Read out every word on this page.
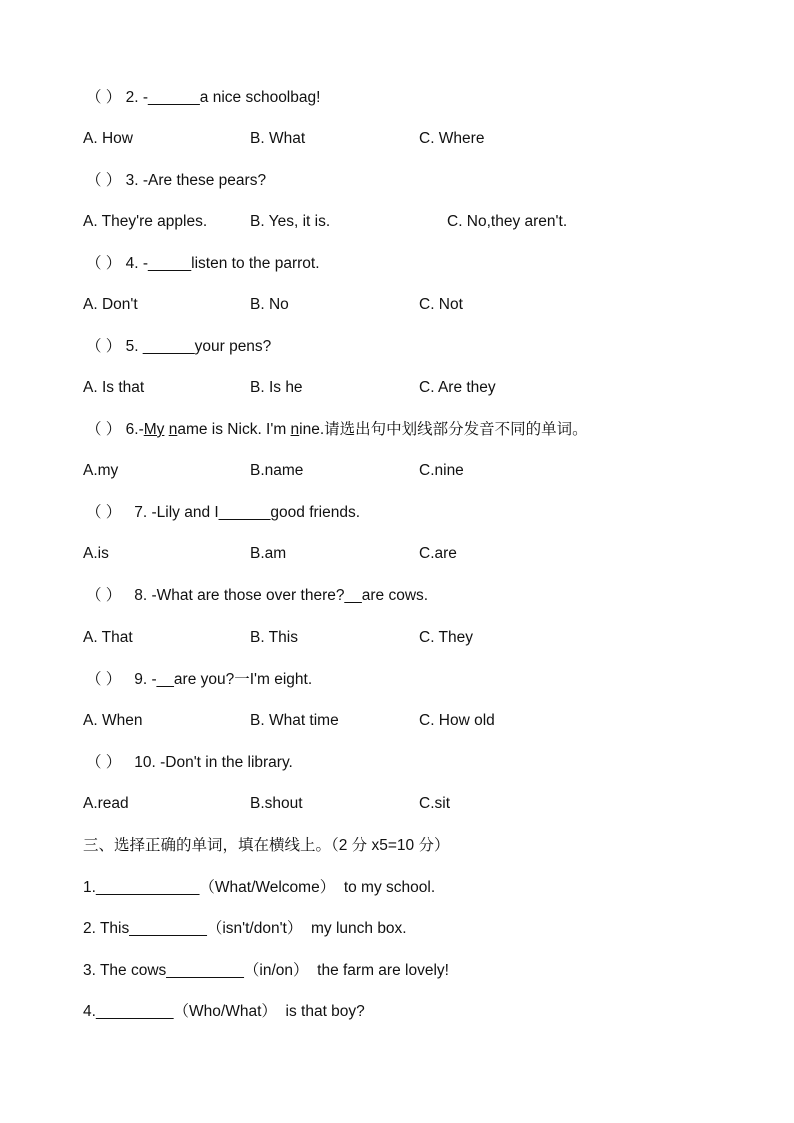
（ ） 2. -______a nice schoolbag!
A. How	B. What	C. Where
（ ） 3. -Are these pears?
A. They're apples.	B. Yes, it is.	C. No,they aren't.
（ ） 4. -_____listen to the parrot.
A. Don't	B. No	C. Not
（ ） 5. ______your pens?
A. Is that	B. Is he	C. Are they
（ ） 6.-My name is Nick. I'm nine.请选出句中划线部分发音不同的单词。
A.my	B.name	C.nine
（ ） 7. -Lily and I______good friends.
A.is	B.am	C.are
（ ） 8. -What are those over there?__are cows.
A. That	B. This	C. They
（ ） 9. -__are you?一I'm eight.
A. When	B. What time	C. How old
（ ） 10. -Don't in the library.
A.read	B.shout	C.sit
三、选择正确的单词，填在横线上。（2 分 x5=10 分）
1.____________（What/Welcome） to my school.
2. This_________（isn't/don't） my lunch box.
3. The cows_________（in/on） the farm are lovely!
4._________（Who/What） is that boy?
